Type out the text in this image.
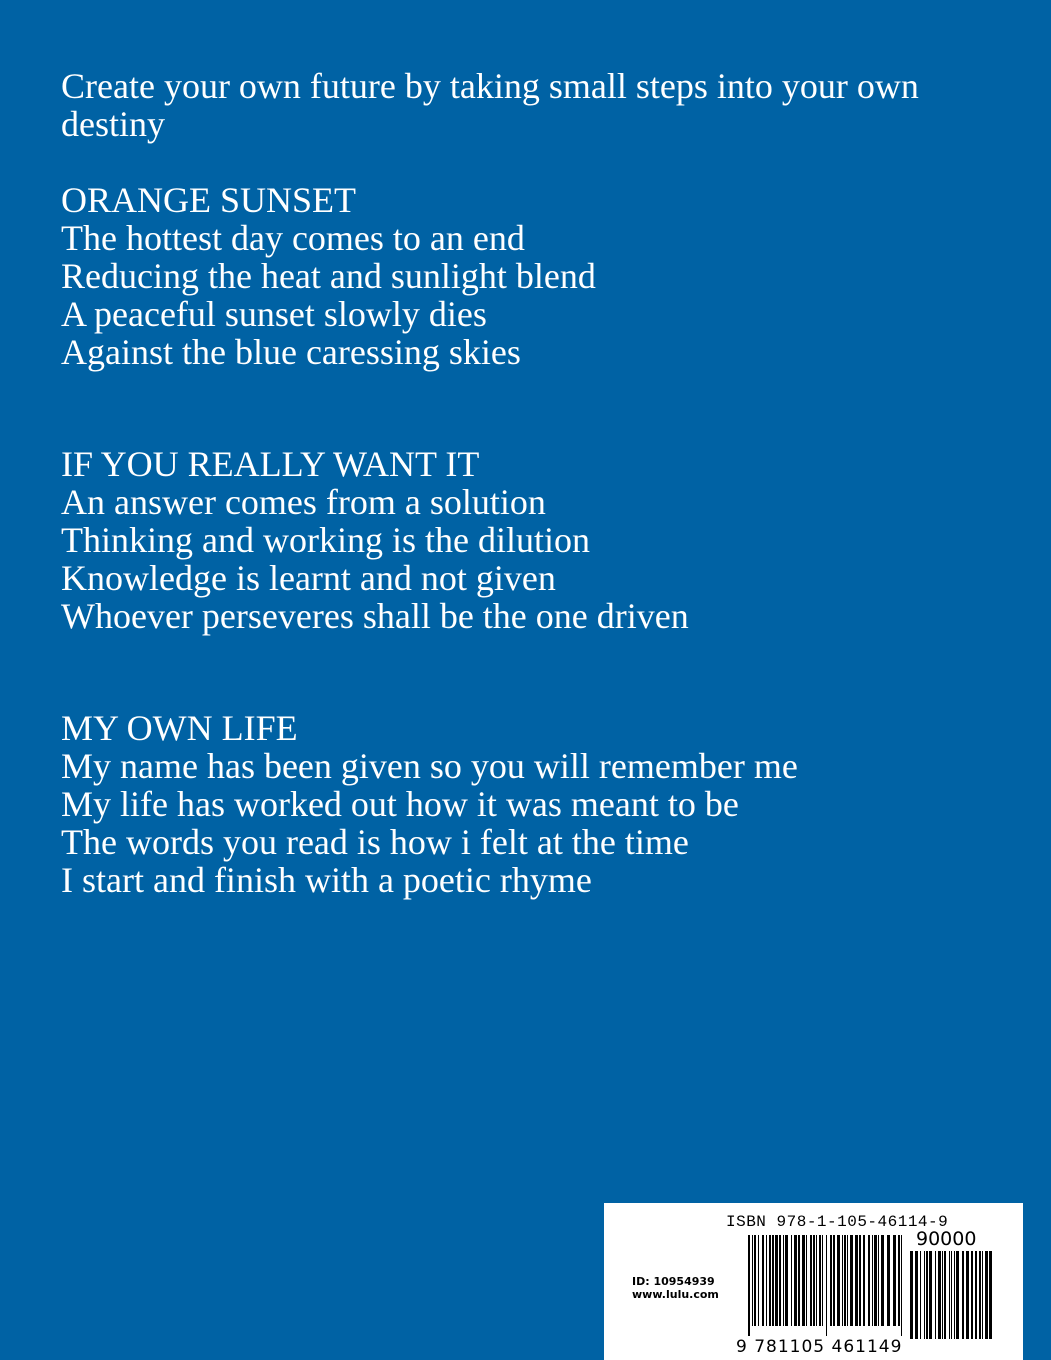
Create your own future by taking small steps into your own destiny

ORANGE SUNSET
The hottest day comes to an end
Reducing the heat and sunlight blend
A peaceful sunset slowly dies
Against the blue caressing skies
IF YOU REALLY WANT IT
An answer comes from a solution
Thinking and working is the dilution
Knowledge is learnt and not given
Whoever perseveres shall be the one driven
MY OWN LIFE
My name has been given so you will remember me
My life has worked out how it was meant to be
The words you read is how i felt at the time
I start and finish with a poetic rhyme
ISBN 978-1-105-46114-9
90000
ID: 10954939
www.lulu.com
9 781105 461149
